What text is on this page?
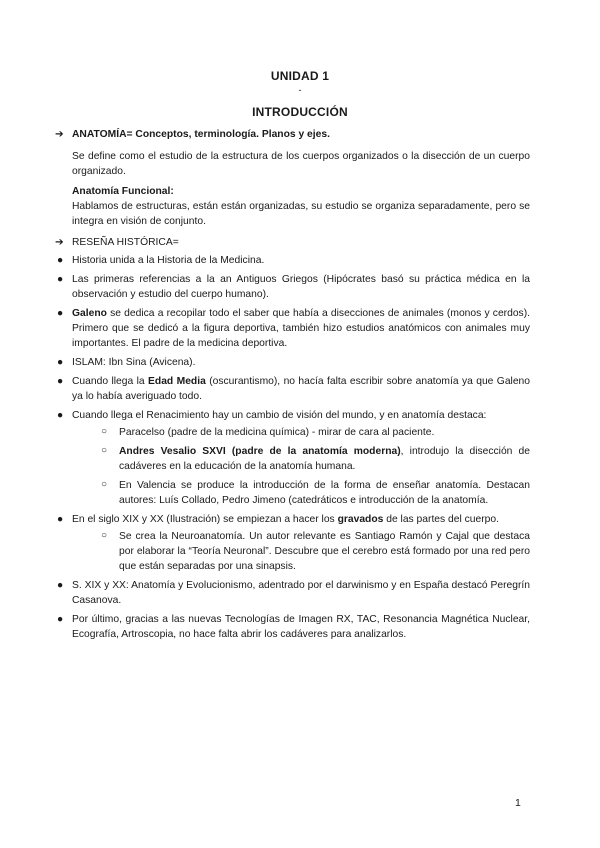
UNIDAD 1
-
INTRODUCCIÓN
➔ ANATOMÍA= Conceptos, terminología. Planos y ejes.
Se define como el estudio de la estructura de los cuerpos organizados o la disección de un cuerpo organizado.
Anatomía Funcional:
Hablamos de estructuras, están están organizadas, su estudio se organiza separadamente, pero se integra en visión de conjunto.
➔ RESEÑA HISTÓRICA=
● Historia unida a la Historia de la Medicina.
● Las primeras referencias a la an Antiguos Griegos (Hipócrates basó su práctica médica en la observación y estudio del cuerpo humano).
● Galeno se dedica a recopilar todo el saber que había a disecciones de animales (monos y cerdos). Primero que se dedicó a la figura deportiva, también hizo estudios anatómicos con animales muy importantes. El padre de la medicina deportiva.
● ISLAM: Ibn Sina (Avicena).
● Cuando llega la Edad Media (oscurantismo), no hacía falta escribir sobre anatomía ya que Galeno ya lo había averiguado todo.
● Cuando llega el Renacimiento hay un cambio de visión del mundo, y en anatomía destaca:
○ Paracelso (padre de la medicina química) - mirar de cara al paciente.
○ Andres Vesalio SXVI (padre de la anatomía moderna), introdujo la disección de cadáveres en la educación de la anatomía humana.
○ En Valencia se produce la introducción de la forma de enseñar anatomía. Destacan autores: Luís Collado, Pedro Jimeno (catedráticos e introducción de la anatomía.
● En el siglo XIX y XX (Ilustración) se empiezan a hacer los gravados de las partes del cuerpo.
○ Se crea la Neuroanatomía. Un autor relevante es Santiago Ramón y Cajal que destaca por elaborar la “Teoría Neuronal”. Descubre que el cerebro está formado por una red pero que están separadas por una sinapsis.
● S. XIX y XX: Anatomía y Evolucionismo, adentrado por el darwinismo y en España destacó Peregrín Casanova.
● Por último, gracias a las nuevas Tecnologías de Imagen RX, TAC, Resonancia Magnética Nuclear, Ecografía, Artroscopia, no hace falta abrir los cadáveres para analizarlos.
1
